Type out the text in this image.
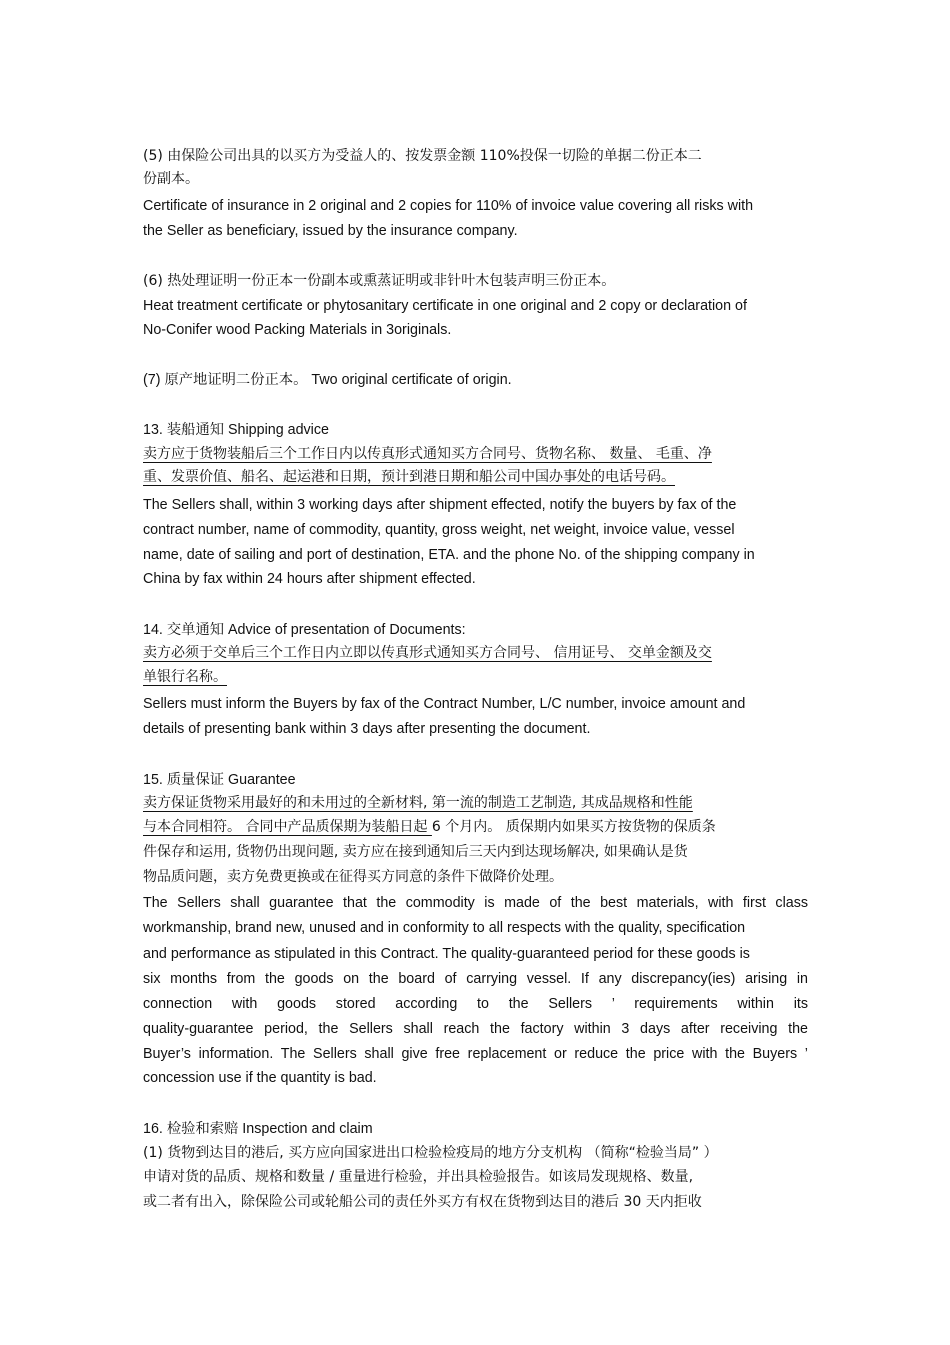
(5) 由保险公司出具的以买方为受益人的、按发票金额 110%投保一切险的单据二份正本二
份副本。
Certificate of insurance in 2 original and 2 copies for 110% of invoice value covering all risks with
the Seller as beneficiary, issued by the insurance company.
(6) 热处理证明一份正本一份副本或熏蒸证明或非针叶木包装声明三份正本。
Heat treatment certificate or phytosanitary certificate in one original and 2 copy or declaration of
No-Conifer wood Packing Materials in 3originals.
(7) 原产地证明二份正本。 Two original certificate of origin.
13. 装船通知 Shipping advice
卖方应于货物装船后三个工作日内以传真形式通知买方合同号、货物名称、 数量、 毛重、净
重、发票价值、船名、起运港和日期，预计到港日期和船公司中国办事处的电话号码。
The Sellers shall, within 3 working days after shipment effected, notify the buyers by fax of the
contract number, name of commodity, quantity, gross weight, net weight, invoice value, vessel
name, date of sailing and port of destination, ETA. and the phone No. of the shipping company in
China by fax within 24 hours after shipment effected.
14. 交单通知 Advice of presentation of Documents:
卖方必须于交单后三个工作日内立即以传真形式通知买方合同号、 信用证号、 交单金额及交
单银行名称。
Sellers must inform the Buyers by fax of the Contract Number, L/C number, invoice amount and
details of presenting bank within 3 days after presenting the document.
15. 质量保证 Guarantee
卖方保证货物采用最好的和未用过的全新材料, 第一流的制造工艺制造, 其成品规格和性能
与本合同相符。 合同中产品质保期为装船日起 6 个月内。 质保期内如果买方按货物的保质条
件保存和运用, 货物仍出现问题, 卖方应在接到通知后三天内到达现场解决, 如果确认是货
物品质问题，卖方免费更换或在征得买方同意的条件下做降价处理。
The Sellers shall guarantee that the commodity is made of the best materials, with first class
workmanship, brand new, unused and in conformity to all respects with the quality, specification
and performance as stipulated in this Contract. The quality-guaranteed period for these goods is
six months from the goods on the board of carrying vessel. If any discrepancy(ies) arising in
connection with goods stored according to the Sellers ’ requirements within its
quality-guarantee period, the Sellers shall reach the factory within 3 days after receiving the
Buyer’s information. The Sellers shall give free replacement or reduce the price with the Buyers ’
concession use if the quantity is bad.
16. 检验和索赔 Inspection and claim
(1) 货物到达目的港后, 买方应向国家进出口检验检疫局的地方分支机构 （简称“检验当局” ）
申请对货的品质、规格和数量 / 重量进行检验，并出具检验报告。如该局发现规格、数量,
或二者有出入，除保险公司或轮船公司的责任外买方有权在货物到达目的港后 30 天内拒收
